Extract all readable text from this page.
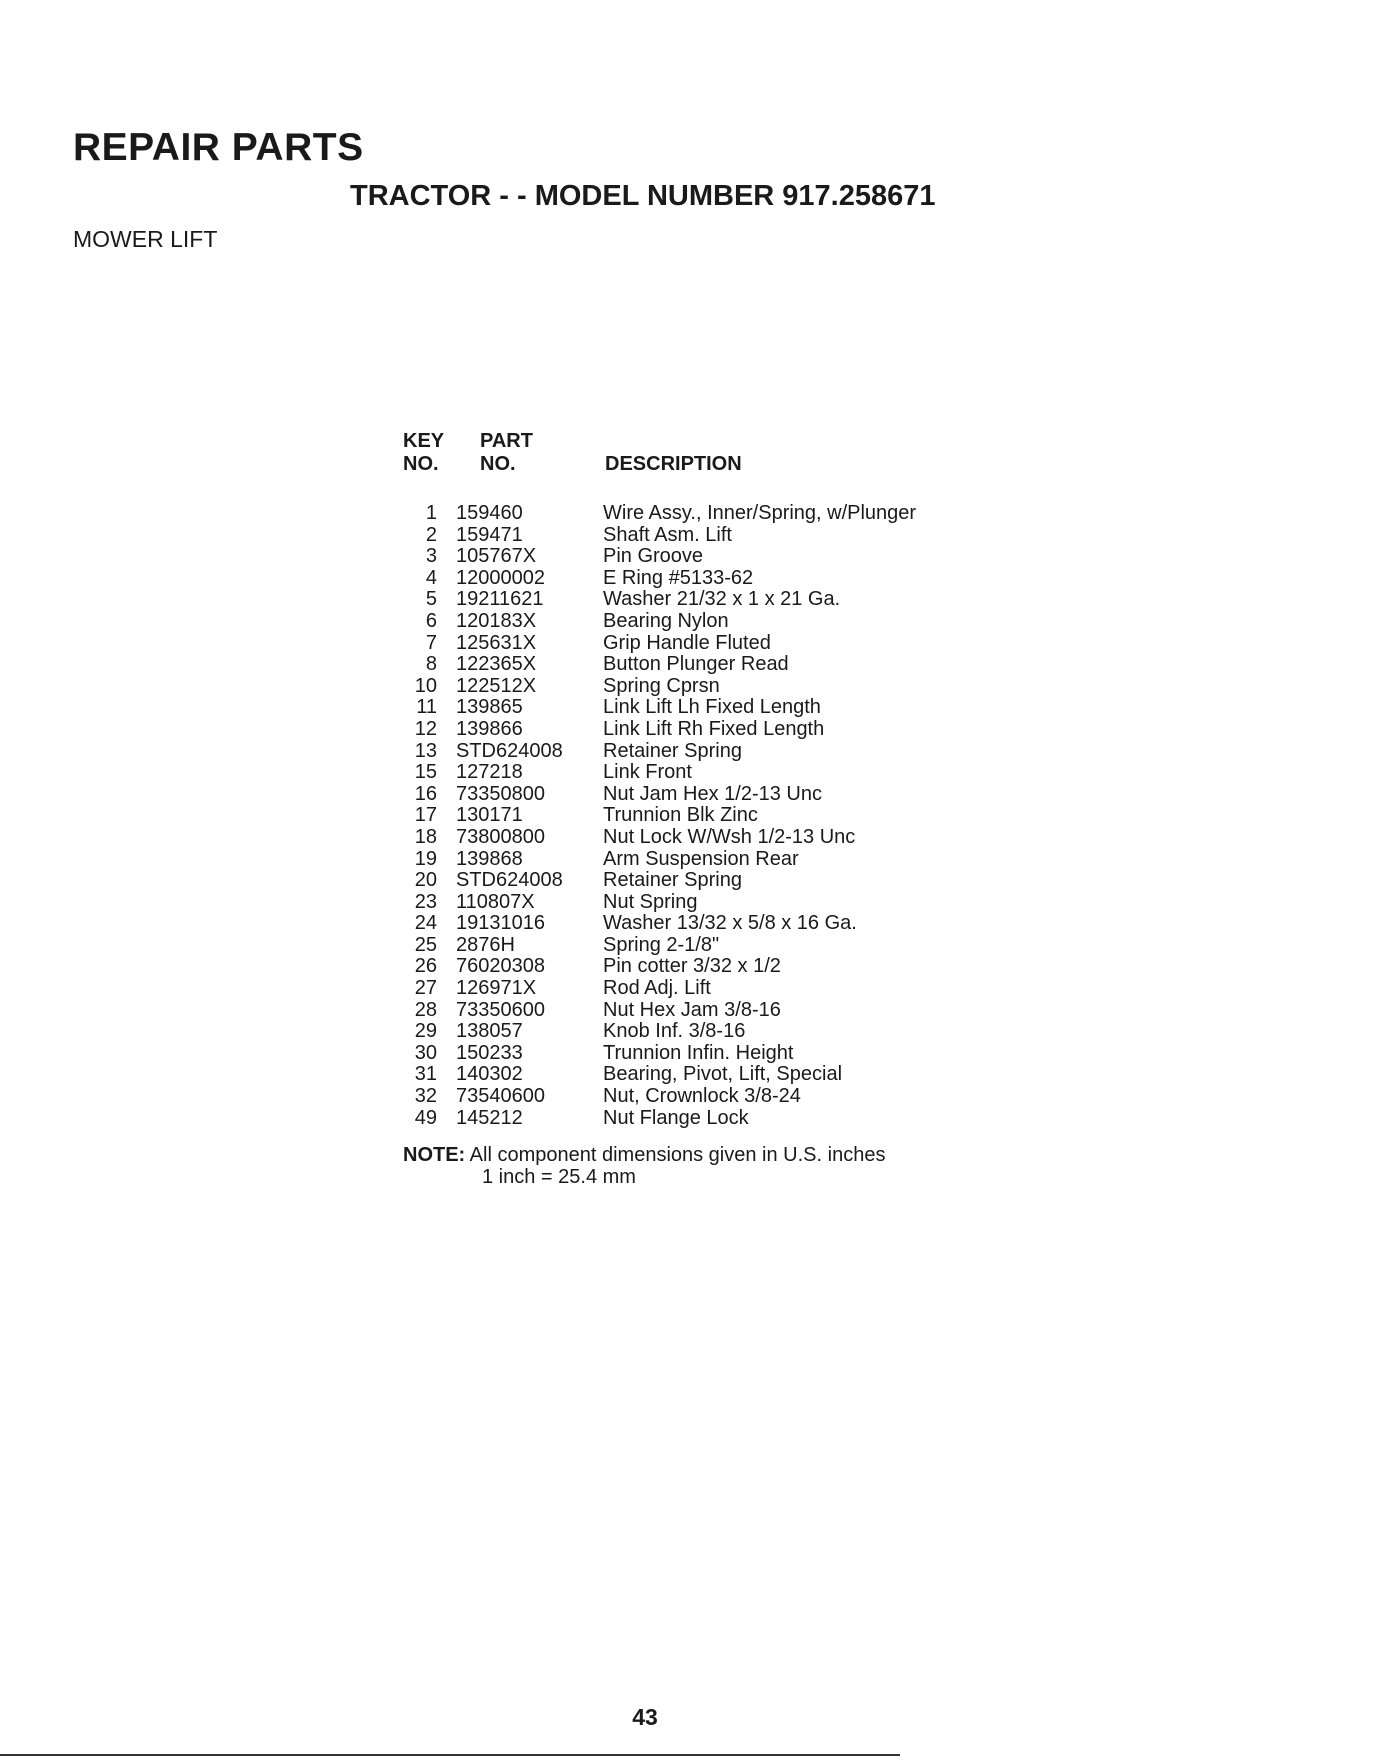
REPAIR PARTS
TRACTOR - - MODEL NUMBER 917.258671
MOWER LIFT
KEY
NO.
PART
NO.	DESCRIPTION
1 159460	Wire Assy., Inner/Spring, w/Plunger
2 159471	Shaft Asm. Lift
3 105767X	Pin Groove
4 12000002	E Ring #5133-62
5 19211621	Washer 21/32 x 1 x 21 Ga.
6 120183X	Bearing Nylon
7 125631X	Grip Handle Fluted
8 122365X	Button Plunger Read
10 122512X	Spring Cprsn
11 139865	Link Lift Lh Fixed Length
12 139866	Link Lift Rh Fixed Length
13 STD624008 Retainer Spring
15 127218	Link Front
16 73350800	Nut Jam Hex 1/2-13 Unc
17 130171	Trunnion Blk Zinc
18 73800800	Nut Lock W/Wsh 1/2-13 Unc
19 139868	Arm Suspension Rear
20 STD624008 Retainer Spring
23 110807X	Nut Spring
24 19131016	Washer 13/32 x 5/8 x 16 Ga.
25 2876H	Spring 2-1/8"
26 76020308	Pin cotter 3/32 x 1/2
27 126971X	Rod Adj. Lift
28 73350600	Nut Hex Jam 3/8-16
29 138057	Knob Inf. 3/8-16
30 150233	Trunnion Infin. Height
31 140302	Bearing, Pivot, Lift, Special
32 73540600	Nut, Crownlock 3/8-24
49 145212	Nut Flange Lock
NOTE: All component dimensions given in U.S. inches
1 inch = 25.4 mm
43
